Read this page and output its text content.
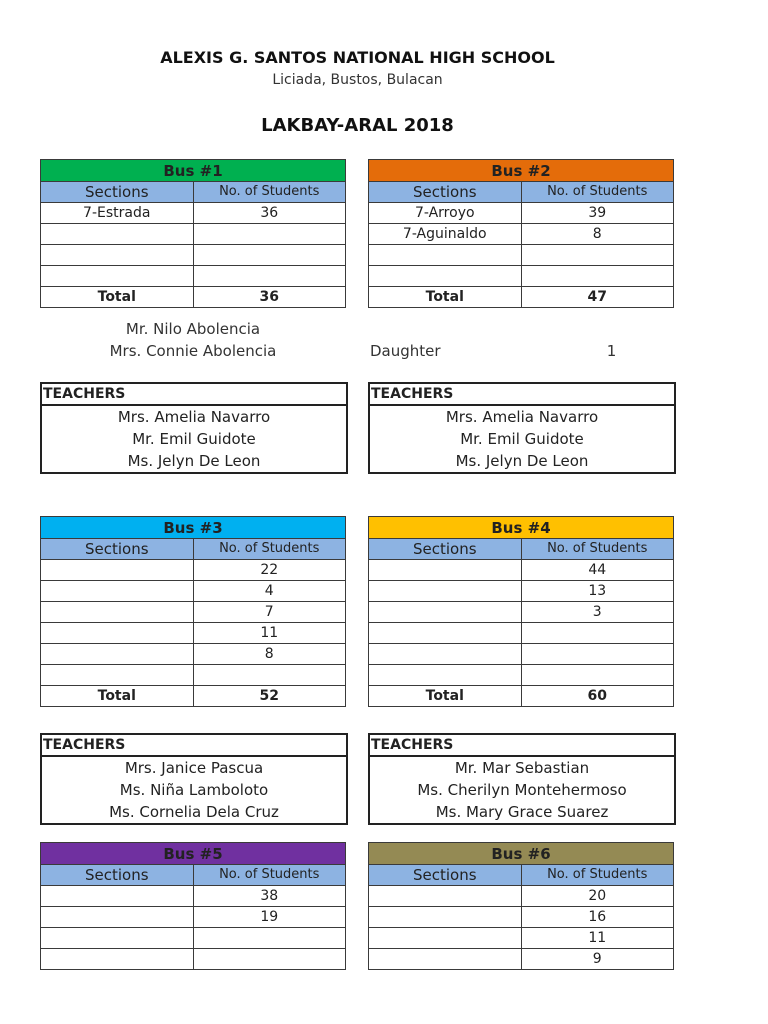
ALEXIS G. SANTOS NATIONAL HIGH SCHOOL
Liciada, Bustos, Bulacan
LAKBAY-ARAL 2018
Bus #1	
Sections	No. of Students
7-Estrada	36

Total	36
Bus #2	
Sections	No. of Students
7-Arroyo	39
7-Aguinaldo	8

Total	47
Mr. Nilo Abolencia
Mrs. Connie Abolencia	Daughter	1
TEACHERS
Mrs. Amelia Navarro
Mr. Emil Guidote
Ms. Jelyn De Leon
TEACHERS
Mrs. Amelia Navarro
Mr. Emil Guidote
Ms. Jelyn De Leon
Bus #3	
Sections	No. of Students
	22
	4
	7
	11
	8

Total	52
Bus #4	
Sections	No. of Students
	44
	13
	3

Total	60
TEACHERS
Mrs. Janice Pascua
Ms. Niña Lamboloto
Ms. Cornelia Dela Cruz
TEACHERS
Mr. Mar Sebastian
Ms. Cherilyn Montehermoso
Ms. Mary Grace Suarez
Bus #5	
Sections	No. of Students
	38
	19

Bus #6	
Sections	No. of Students
	20
	16
	11
	9
